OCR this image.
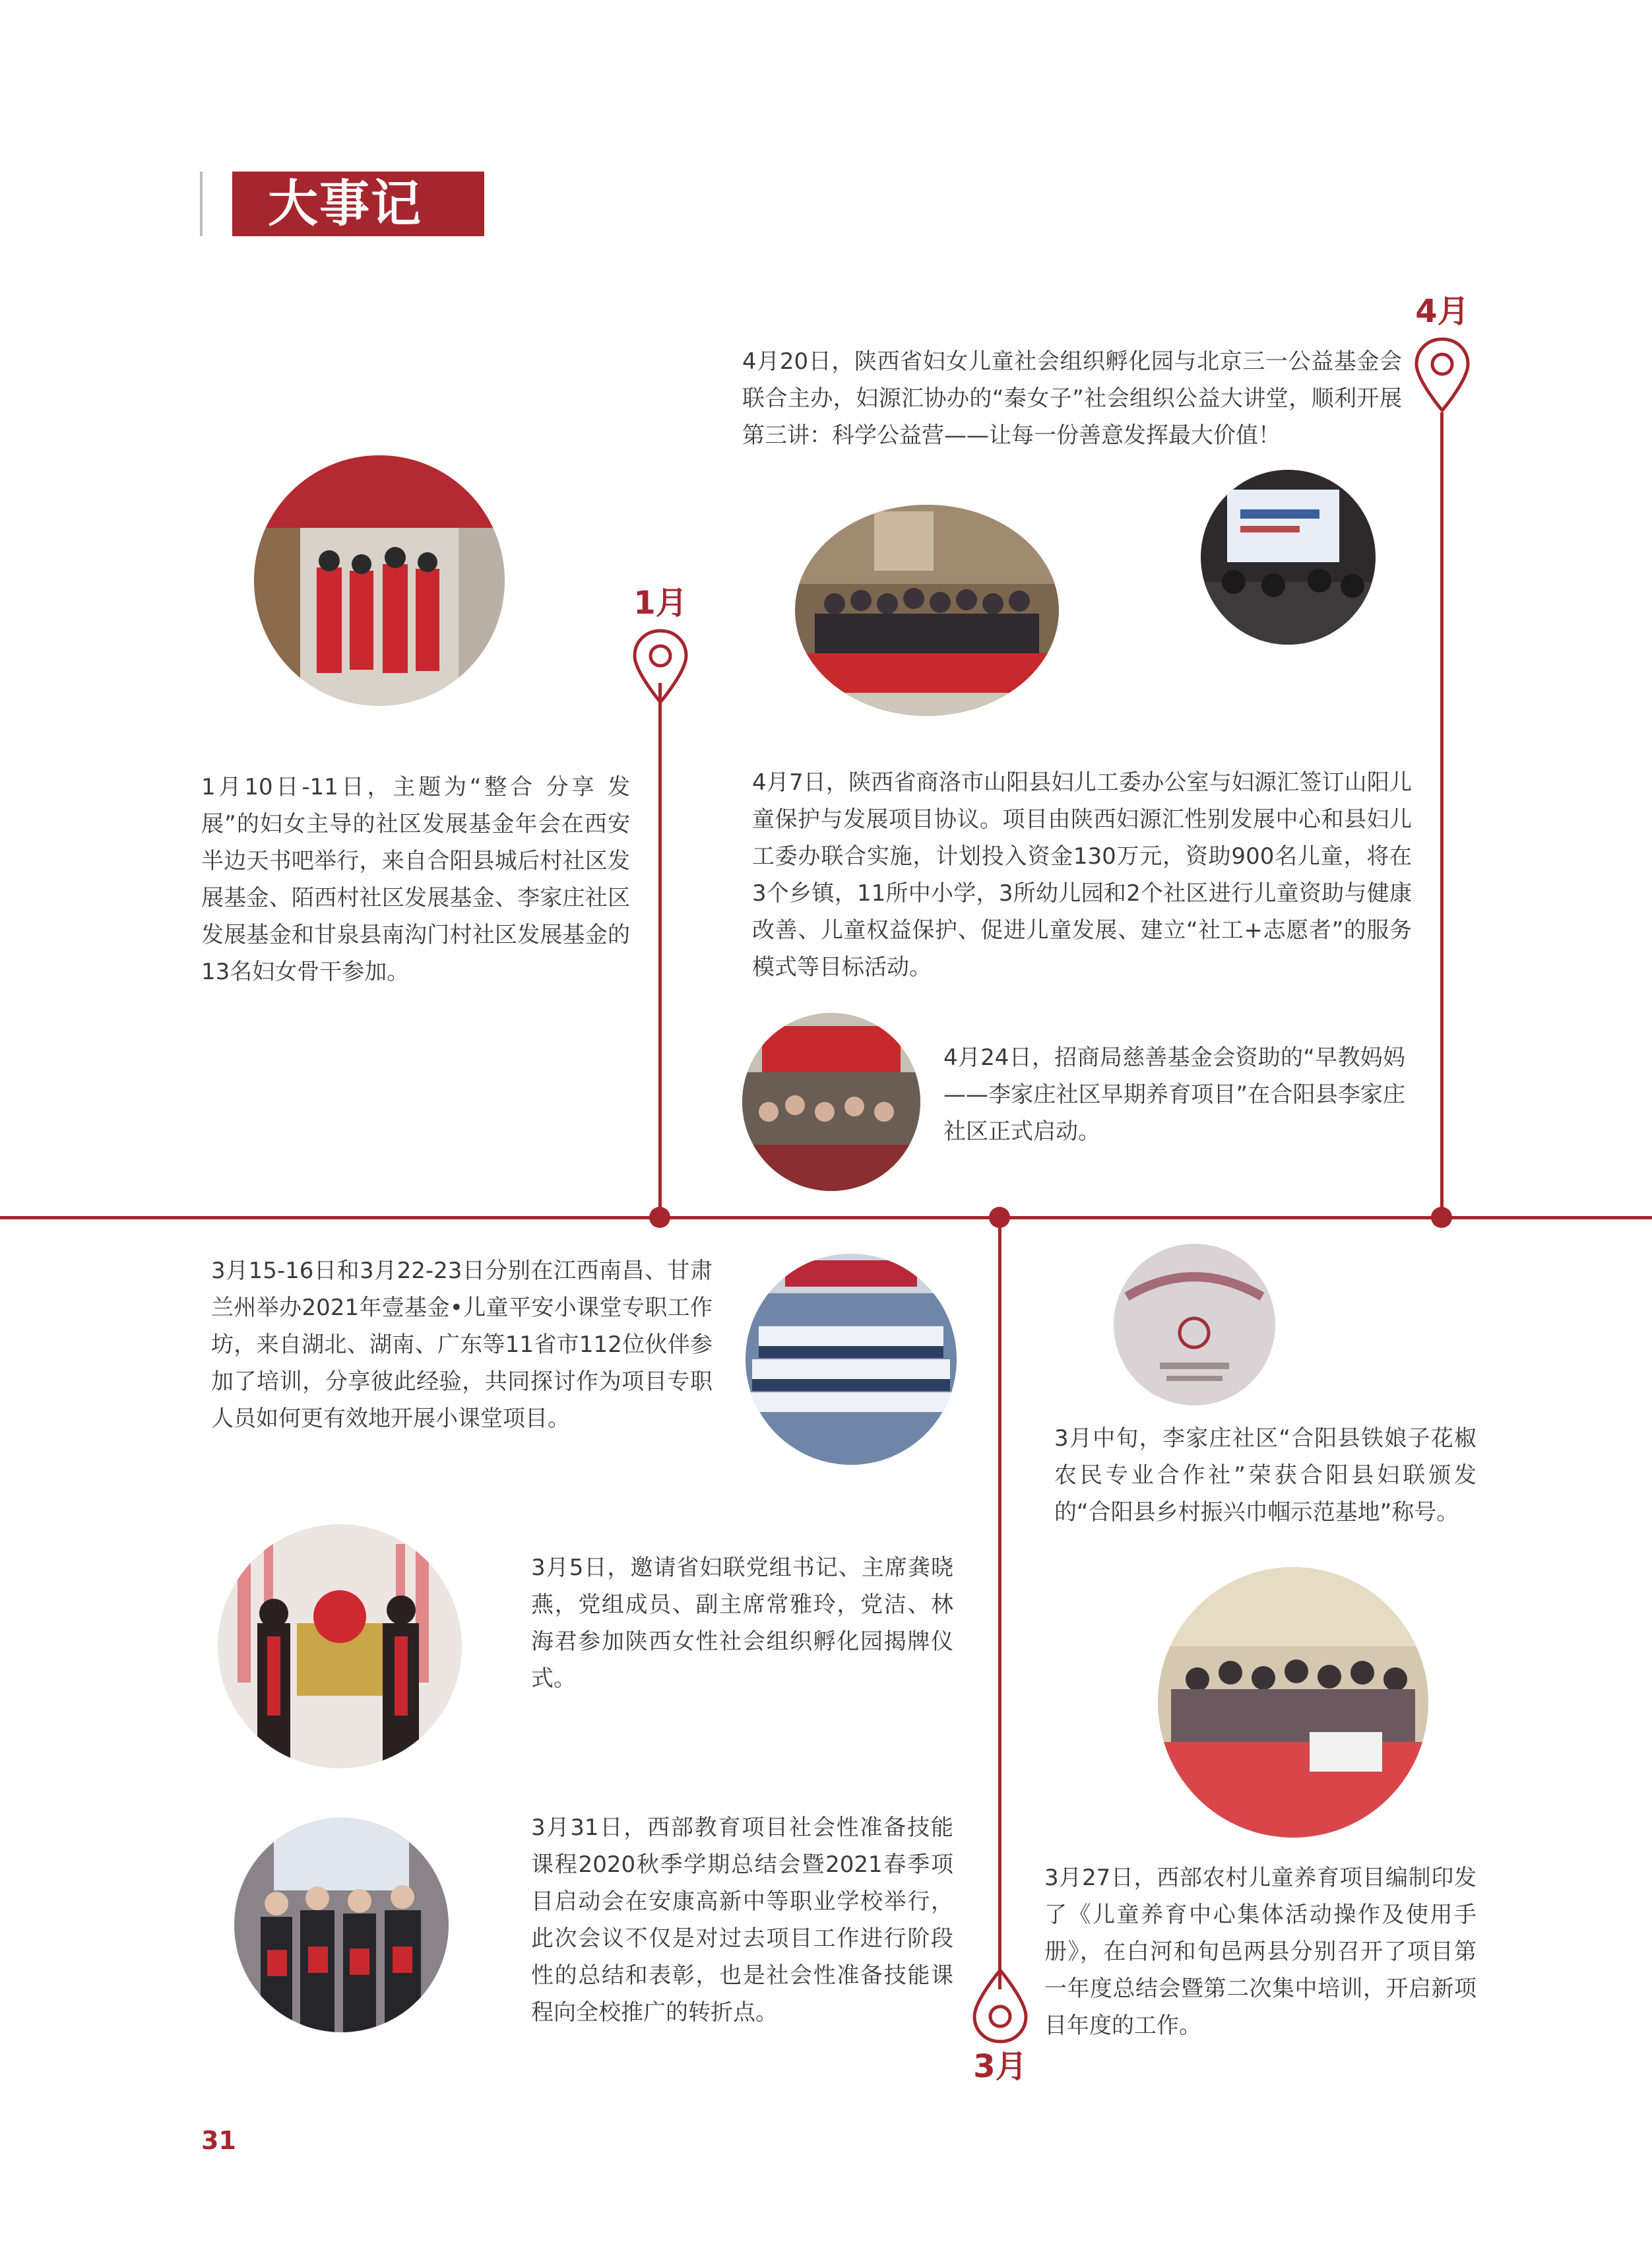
大事记
1月
4月
3月

1月10日-11日，主题为“整合 分享 发展”的妇女主导的社区发展基金年会在西安半边天书吧举行，来自合阳县城后村社区发展基金、陌西村社区发展基金、李家庄社区发展基金和甘泉县南沟门村社区发展基金的13名妇女骨干参加。

4月20日，陕西省妇女儿童社会组织孵化园与北京三一公益基金会联合主办，妇源汇协办的“秦女子”社会组织公益大讲堂，顺利开展第三讲：科学公益营——让每一份善意发挥最大价值！

4月7日，陕西省商洛市山阳县妇儿工委办公室与妇源汇签订山阳儿童保护与发展项目协议。项目由陕西妇源汇性别发展中心和县妇儿工委办联合实施，计划投入资金130万元，资助900名儿童，将在3个乡镇，11所中小学，3所幼儿园和2个社区进行儿童资助与健康改善、儿童权益保护、促进儿童发展、建立“社工+志愿者”的服务模式等目标活动。

4月24日，招商局慈善基金会资助的“早教妈妈——李家庄社区早期养育项目”在合阳县李家庄社区正式启动。

3月15-16日和3月22-23日分别在江西南昌、甘肃兰州举办2021年壹基金•儿童平安小课堂专职工作坊，来自湖北、湖南、广东等11省市112位伙伴参加了培训，分享彼此经验，共同探讨作为项目专职人员如何更有效地开展小课堂项目。

3月中旬，李家庄社区“合阳县铁娘子花椒农民专业合作社”荣获合阳县妇联颁发的“合阳县乡村振兴巾帼示范基地”称号。

3月5日，邀请省妇联党组书记、主席龚晓燕，党组成员、副主席常雅玲，党洁、林海君参加陕西女性社会组织孵化园揭牌仪式。

3月31日，西部教育项目社会性准备技能课程2020秋季学期总结会暨2021春季项目启动会在安康高新中等职业学校举行，此次会议不仅是对过去项目工作进行阶段性的总结和表彰，也是社会性准备技能课程向全校推广的转折点。

3月27日，西部农村儿童养育项目编制印发了《儿童养育中心集体活动操作及使用手册》，在白河和旬邑两县分别召开了项目第一年度总结会暨第二次集中培训，开启新项目年度的工作。

31
